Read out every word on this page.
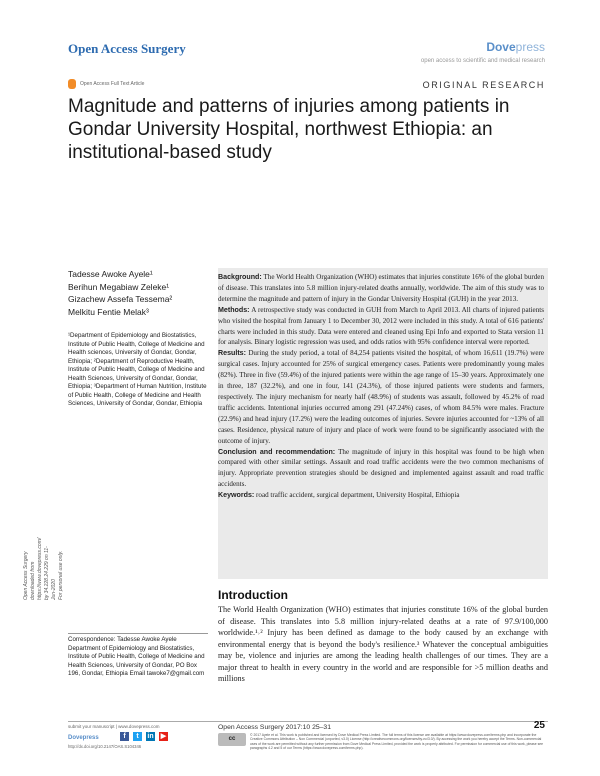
Open Access Surgery	Dovepress
open access to scientific and medical research
Open Access Full Text Article	ORIGINAL RESEARCH
Magnitude and patterns of injuries among patients in Gondar University Hospital, northwest Ethiopia: an institutional-based study
Open Access Surgery downloaded from https://www.dovepress.com/ by 34.228.24.229 on 11-Jun-2020
For personal use only.
Tadesse Awoke Ayele¹
Berihun Megabiaw Zeleke¹
Gizachew Assefa Tessema²
Melkitu Fentie Melak³
¹Department of Epidemiology and Biostatistics, Institute of Public Health, College of Medicine and Health sciences, University of Gondar, Gondar, Ethiopia; ²Department of Reproductive Health, Institute of Public Health, College of Medicine and Health Sciences, University of Gondar, Gondar, Ethiopia; ³Department of Human Nutrition, Institute of Public Health, College of Medicine and Health Sciences, University of Gondar, Gondar, Ethiopia
Correspondence: Tadesse Awoke Ayele Department of Epidemiology and Biostatistics, Institute of Public Health, College of Medicine and Health Sciences, University of Gondar, PO Box 196, Gondar, Ethiopia Email tawoke7@gmail.com

Background: The World Health Organization (WHO) estimates that injuries constitute 16% of the global burden of disease. This translates into 5.8 million injury-related deaths annually, worldwide. The aim of this study was to determine the magnitude and pattern of injury in the Gondar University Hospital (GUH) in the year 2013.

Methods: A retrospective study was conducted in GUH from March to April 2013. All charts of injured patients who visited the hospital from January 1 to December 30, 2012 were included in this study. A total of 616 patients' charts were included in this study. Data were entered and cleaned using Epi Info and exported to Stata version 11 for analysis. Binary logistic regression was used, and odds ratios with 95% confidence interval were reported.

Results: During the study period, a total of 84,254 patients visited the hospital, of whom 16,611 (19.7%) were surgical cases. Injury accounted for 25% of surgical emergency cases. Patients were predominantly young males (82%). Three in five (59.4%) of the injured patients were within the age range of 15–30 years. Approximately one in three, 187 (32.2%), and one in four, 141 (24.3%), of those injured patients were students and farmers, respectively. The injury mechanism for nearly half (48.9%) of students was assault, followed by 45.2% of road traffic accidents. Intentional injuries occurred among 291 (47.24%) cases, of whom 84.5% were males. Fracture (22.9%) and head injury (17.2%) were the leading outcomes of injuries. Severe injuries accounted for ~13% of all cases. Residence, physical nature of injury and place of work were found to be significantly associated with the outcome of injury.

Conclusion and recommendation: The magnitude of injury in this hospital was found to be high when compared with other similar settings. Assault and road traffic accidents were the two common mechanisms of injury. Appropriate prevention strategies should be designed and implemented against assault and road traffic accidents.

Keywords: road traffic accident, surgical department, University Hospital, Ethiopia

Introduction
The World Health Organization (WHO) estimates that injuries constitute 16% of the global burden of disease. This translates into 5.8 million injury-related deaths at a rate of 97.9/100,000 worldwide.¹˒² Injury has been defined as damage to the body caused by an exchange with environmental energy that is beyond the body's resilience.³ Whatever the conceptual ambiguities may be, violence and injuries are among the leading health challenges of our times. They are a major threat to health in every country in the world and are responsible for >5 million deaths and millions
submit your manuscript | www.dovepress.com
Dovepress	f	t	in ▶
http://dx.doi.org/10.2147/OAS.S104346
Open Access Surgery 2017:10 25–31	25
cc
© 2017 Ayele et al. This work is published and licensed by Dove Medical Press Limited. The full terms of this license are available at https://www.dovepress.com/terms.php and incorporate the Creative Commons Attribution – Non Commercial (unported, v3.0) License (http://creativecommons.org/licenses/by-nc/3.0/). By accessing the work you hereby accept the Terms. Non-commercial uses of the work are permitted without any further permission from Dove Medical Press Limited, provided the work is properly attributed. For permission for commercial use of this work, please see paragraphs 4.2 and 5 of our Terms (https://www.dovepress.com/terms.php).
